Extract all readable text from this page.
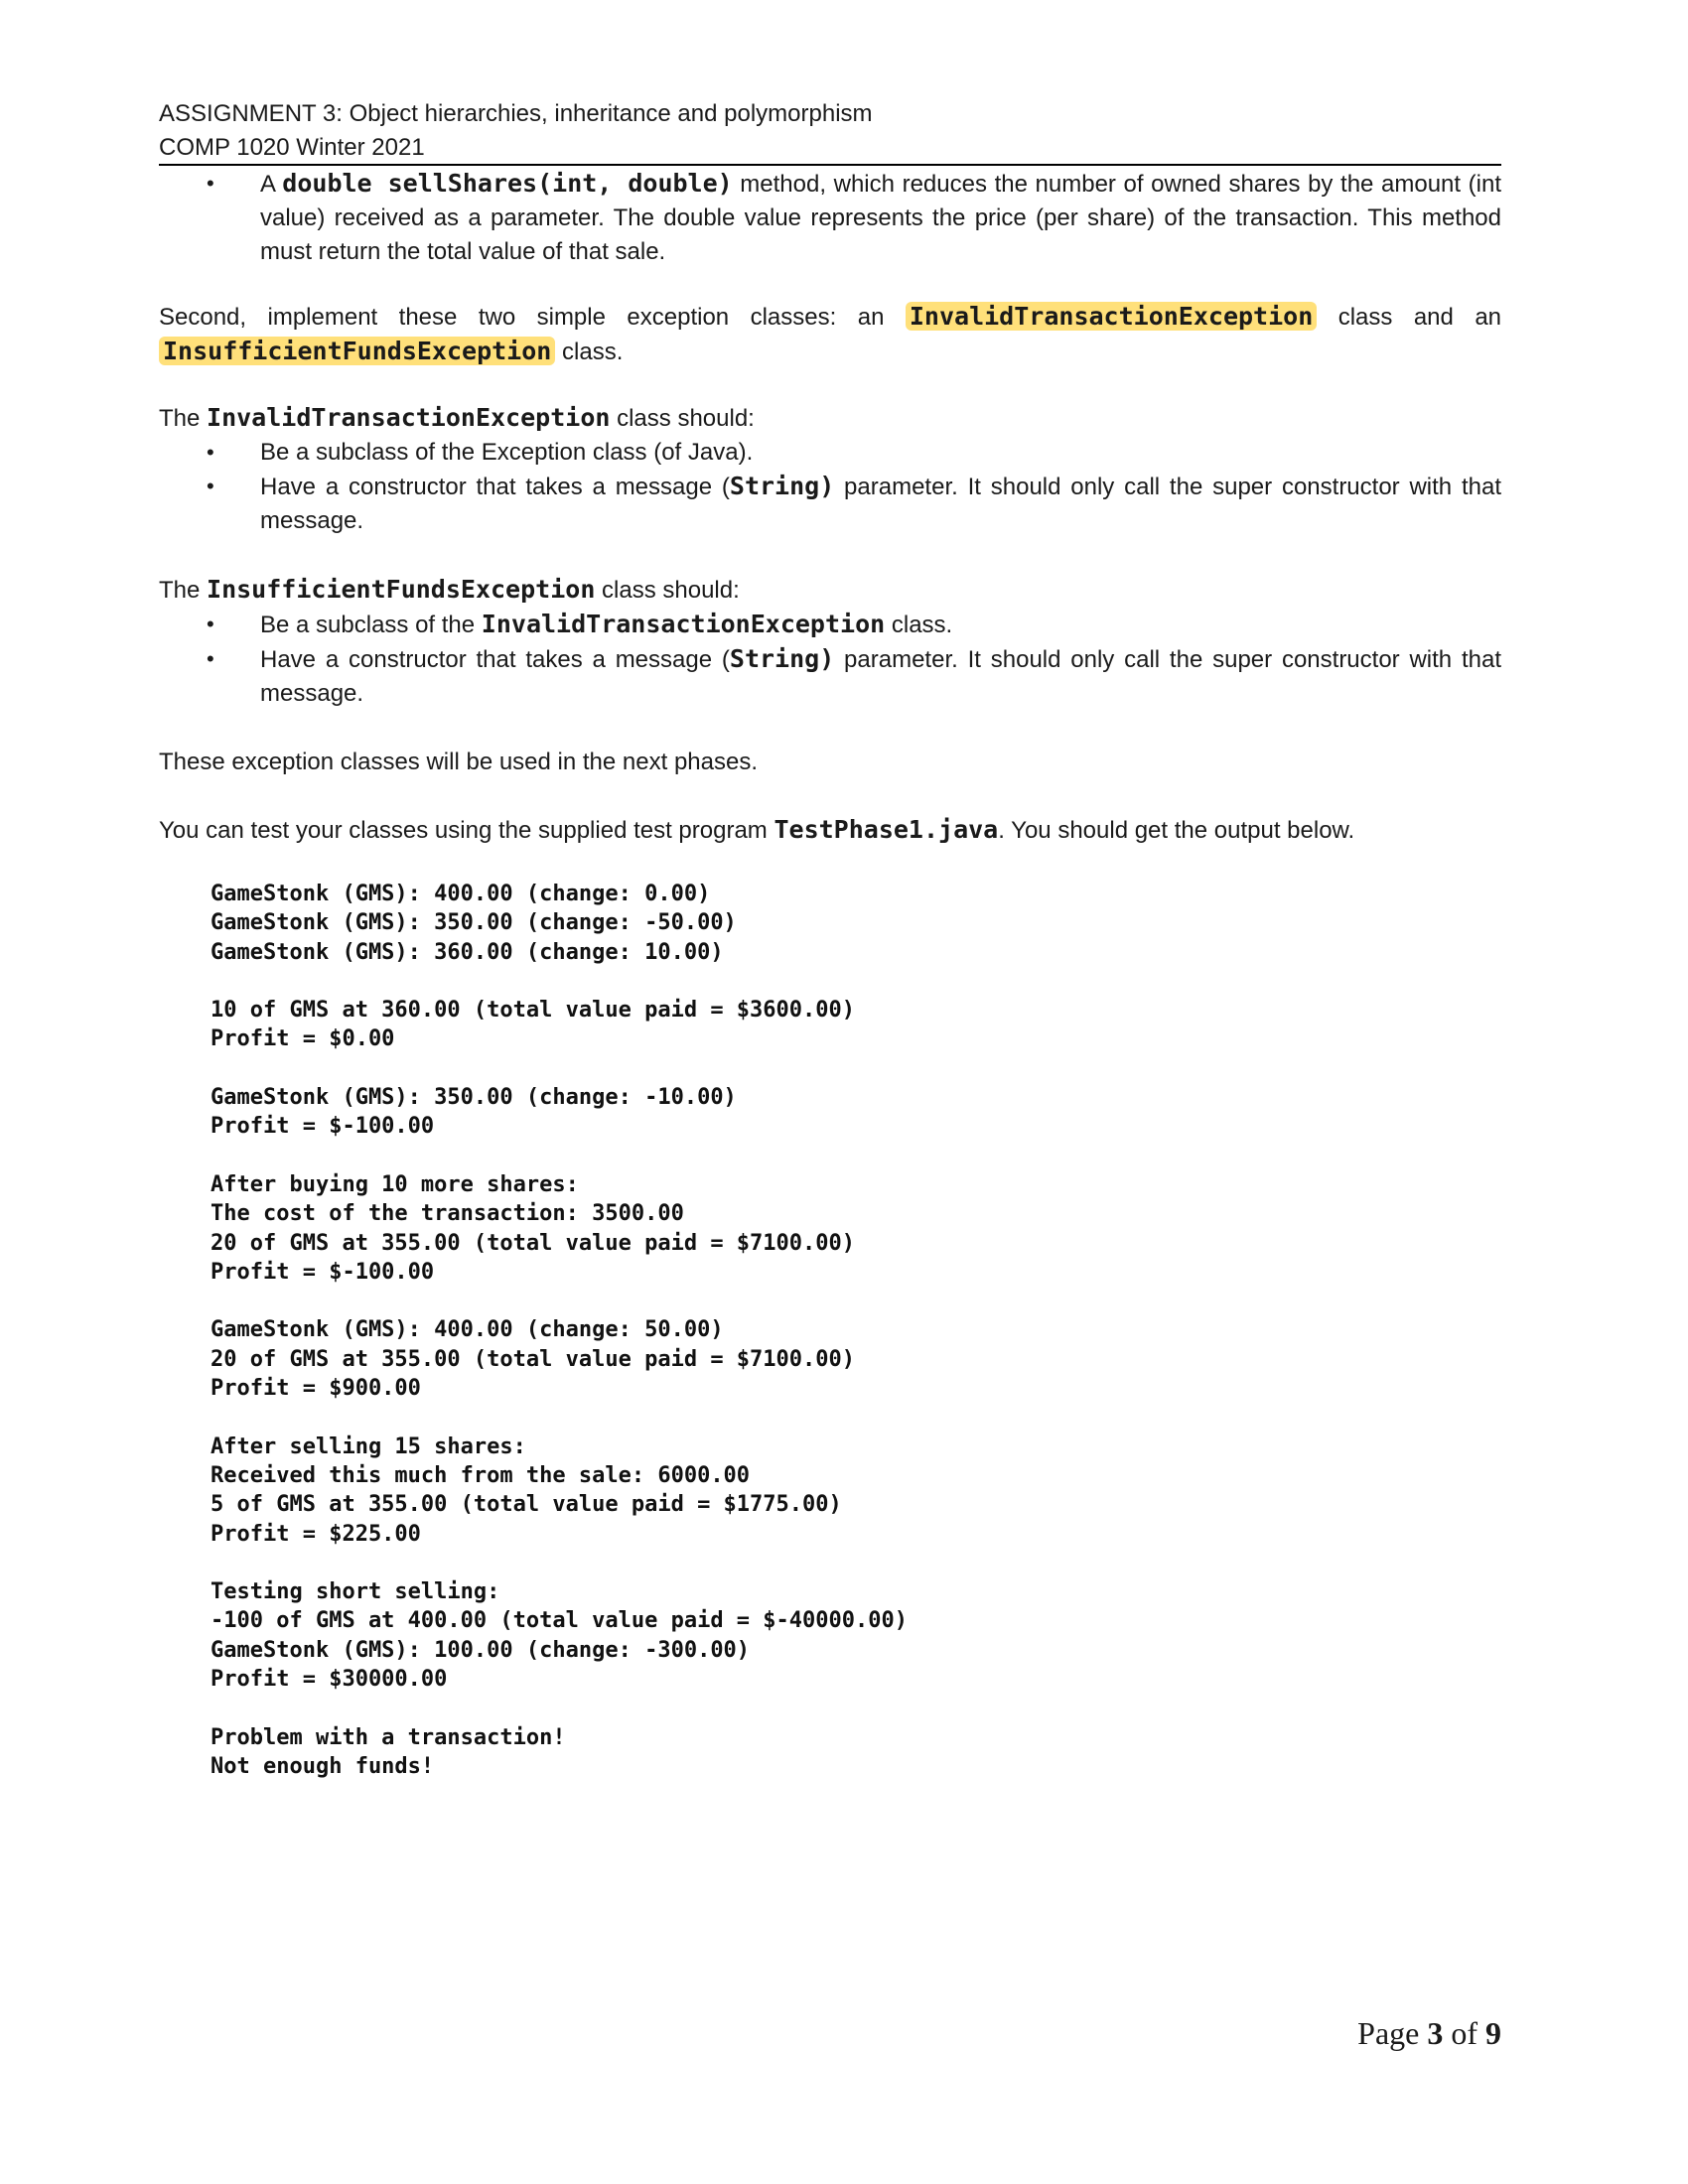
ASSIGNMENT 3: Object hierarchies, inheritance and polymorphism
COMP 1020 Winter 2021
• A double sellShares(int, double) method, which reduces the number of owned shares by the amount (int value) received as a parameter. The double value represents the price (per share) of the transaction. This method must return the total value of that sale.
Second, implement these two simple exception classes: an InvalidTransactionException class and an InsufficientFundsException class.
The InvalidTransactionException class should:
• Be a subclass of the Exception class (of Java).
• Have a constructor that takes a message (String) parameter. It should only call the super constructor with that message.
The InsufficientFundsException class should:
• Be a subclass of the InvalidTransactionException class.
• Have a constructor that takes a message (String) parameter. It should only call the super constructor with that message.
These exception classes will be used in the next phases.
You can test your classes using the supplied test program TestPhase1.java. You should get the output below.
GameStonk (GMS): 400.00 (change: 0.00)
GameStonk (GMS): 350.00 (change: -50.00)
GameStonk (GMS): 360.00 (change: 10.00)
10 of GMS at 360.00 (total value paid = $3600.00)
Profit = $0.00
GameStonk (GMS): 350.00 (change: -10.00)
Profit = $-100.00
After buying 10 more shares:
The cost of the transaction: 3500.00
20 of GMS at 355.00 (total value paid = $7100.00)
Profit = $-100.00
GameStonk (GMS): 400.00 (change: 50.00)
20 of GMS at 355.00 (total value paid = $7100.00)
Profit = $900.00
After selling 15 shares:
Received this much from the sale: 6000.00
5 of GMS at 355.00 (total value paid = $1775.00)
Profit = $225.00
Testing short selling:
-100 of GMS at 400.00 (total value paid = $-40000.00)
GameStonk (GMS): 100.00 (change: -300.00)
Profit = $30000.00
Problem with a transaction!
Not enough funds!
Page 3 of 9
